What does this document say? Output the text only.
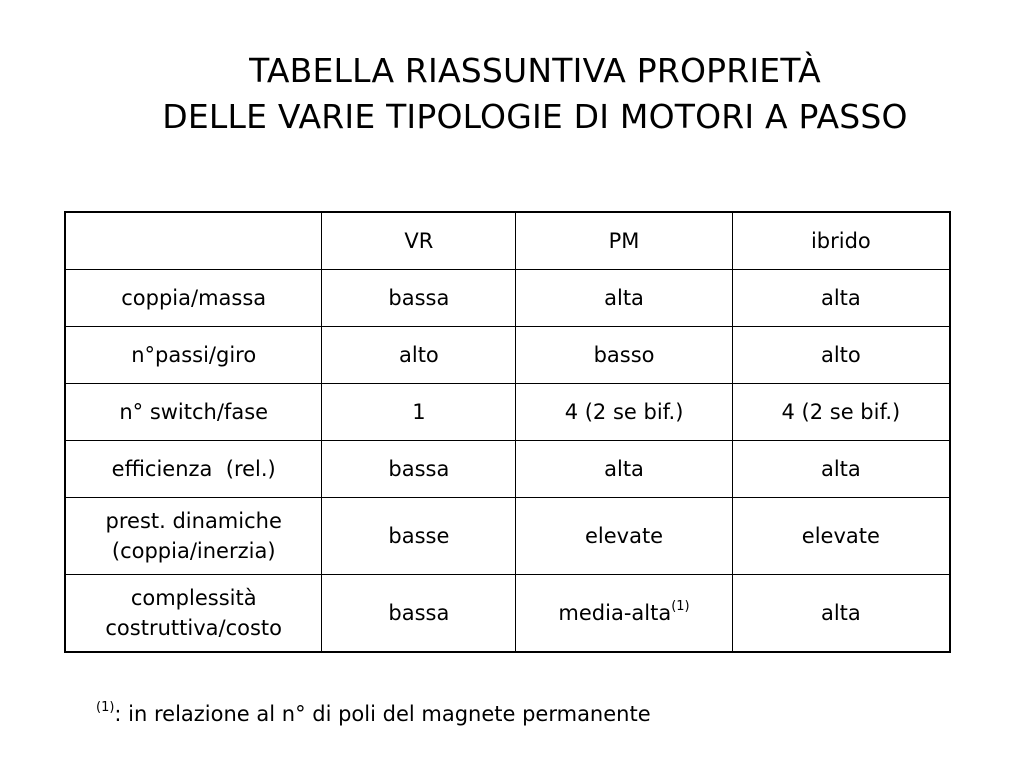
TABELLA RIASSUNTIVA PROPRIETÀ
DELLE VARIE TIPOLOGIE DI MOTORI A PASSO
	VR	PM	ibrido
coppia/massa	bassa	alta	alta
n°passi/giro	alto	basso	alto
n° switch/fase	1	4 (2 se bif.)	4 (2 se bif.)
efficienza  (rel.)	bassa	alta	alta

prest. dinamiche
(coppia/inerzia)	basse	elevate	elevate

complessità
costruttiva/costo	bassa	media-alta$^{(1)}$	alta
$^{(1)}$: in relazione al n° di poli del magnete permanente
